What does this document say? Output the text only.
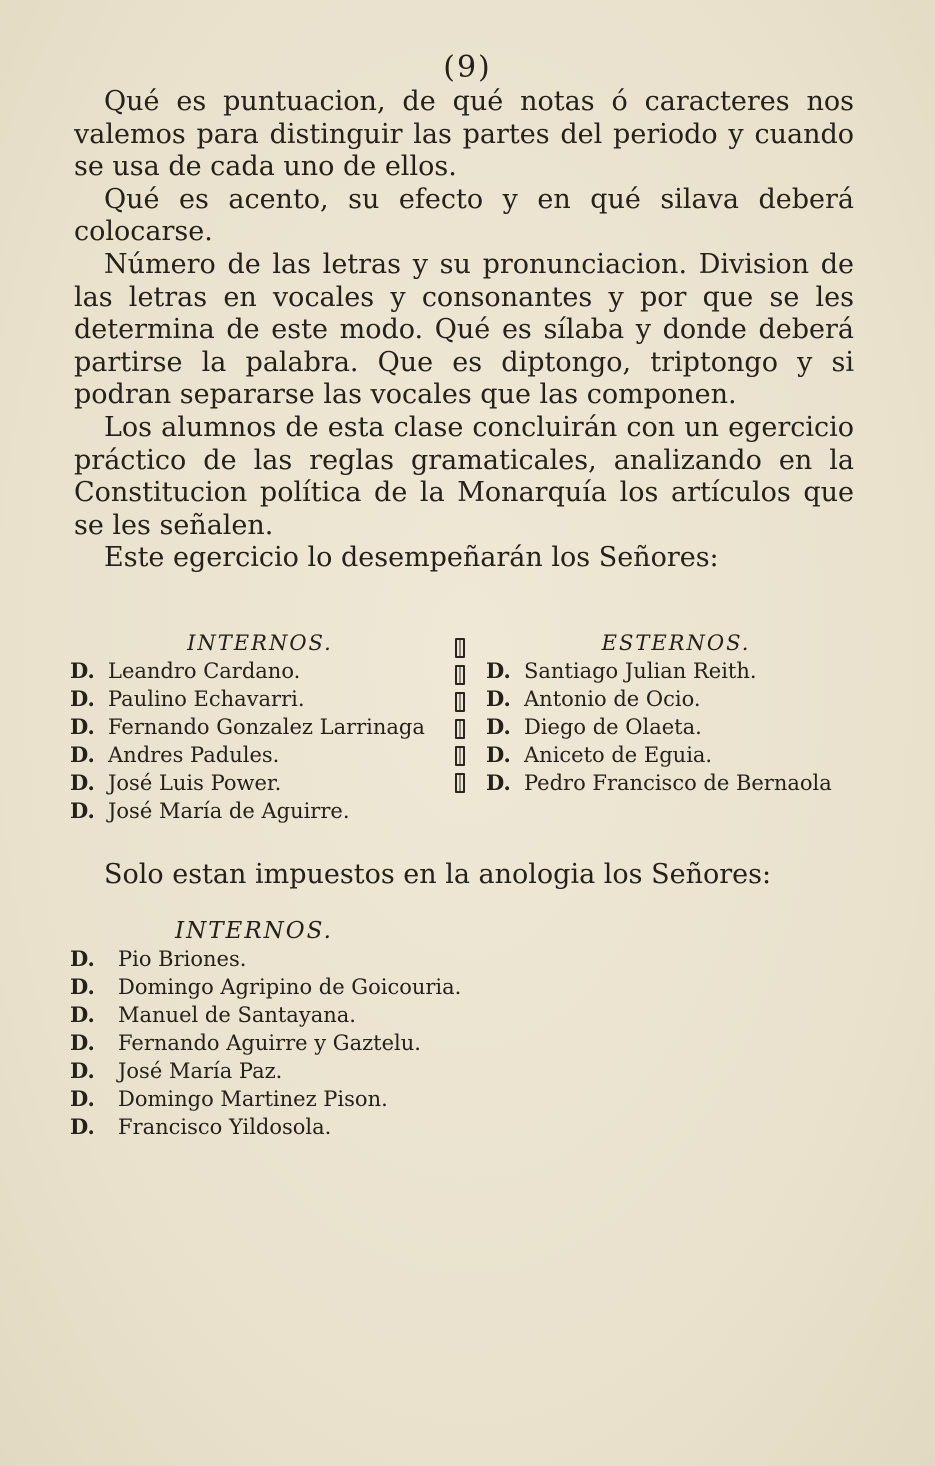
(9)

Qué es puntuacion, de qué notas ó caracteres nos valemos para distinguir las partes del periodo y cuando se usa de cada uno de ellos.

Qué es acento, su efecto y en qué silava deberá colocarse.

Número de las letras y su pronunciacion. Division de las letras en vocales y consonantes y por que se les determina de este modo. Qué es sílaba y donde deberá partirse la palabra. Que es diptongo, triptongo y si podran separarse las vocales que las componen.

Los alumnos de esta clase concluirán con un egercicio práctico de las reglas gramaticales, analizando en la Constitucion política de la Monarquía los artículos que se les señalen.

Este egercicio lo desempeñarán los Señores:

INTERNOS.
D. Leandro Cardano.
D. Paulino Echavarri.
D. Fernando Gonzalez Larrinaga
D. Andres Padules.
D. José Luis Power.
D. José María de Aguirre.
ESTERNOS.
D. Santiago Julian Reith.
D. Antonio de Ocio.
D. Diego de Olaeta.
D. Aniceto de Eguia.
D. Pedro Francisco de Bernaola
Solo estan impuestos en la anologia los Señores:
INTERNOS.
D. Pio Briones.
D. Domingo Agripino de Goicouria.
D. Manuel de Santayana.
D. Fernando Aguirre y Gaztelu.
D. José María Paz.
D. Domingo Martinez Pison.
D. Francisco Yildosola.
